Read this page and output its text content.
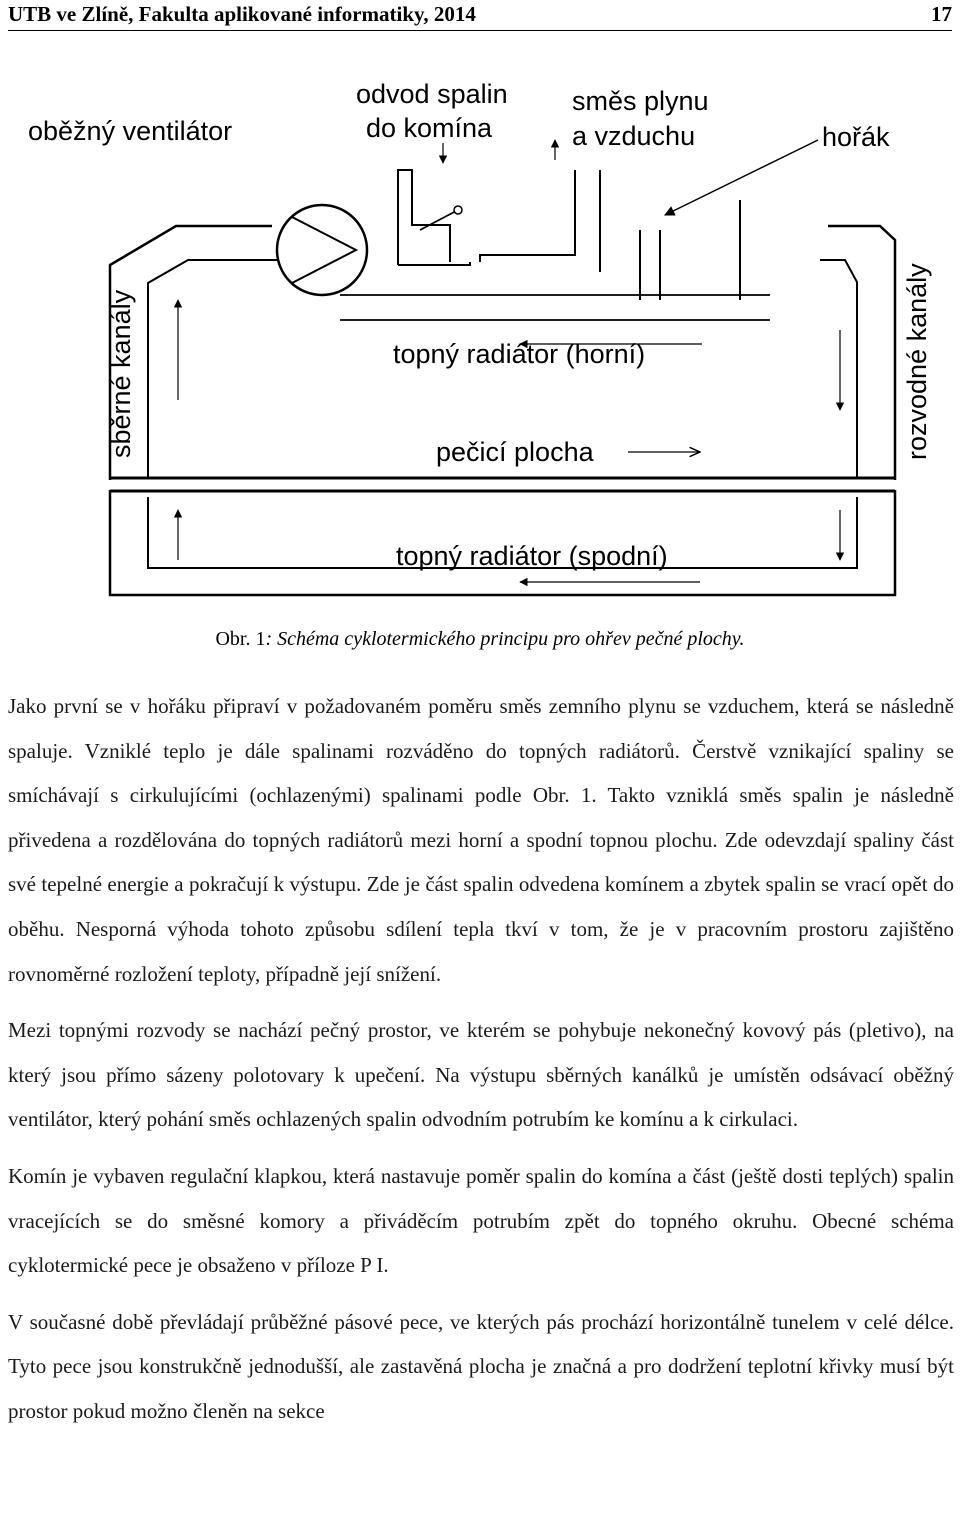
UTB ve Zlíně, Fakulta aplikované informatiky, 2014	17
oběžný ventilátor
odvod spalin
do komína
směs plynu
a vzduchu	hořák
sběrné kanály	rozvodné kanály
topný radiátor (horní)
pečicí plocha
topný radiátor (spodní)
Obr. 1: Schéma cyklotermického principu pro ohřev pečné plochy.

Jako první se v hořáku připraví v požadovaném poměru směs zemního plynu se vzduchem, která se následně spaluje. Vzniklé teplo je dále spalinami rozváděno do topných radiátorů. Čerstvě vznikající spaliny se smíchávají s cirkulujícími (ochlazenými) spalinami podle Obr. 1. Takto vzniklá směs spalin je následně přivedena a rozdělována do topných radiátorů mezi horní a spodní topnou plochu. Zde odevzdají spaliny část své tepelné energie a pokračují k výstupu. Zde je část spalin odvedena komínem a zbytek spalin se vrací opět do oběhu. Nesporná výhoda tohoto způsobu sdílení tepla tkví v tom, že je v pracovním prostoru zajištěno rovnoměrné rozložení teploty, případně její snížení.

Mezi topnými rozvody se nachází pečný prostor, ve kterém se pohybuje nekonečný kovový pás (pletivo), na který jsou přímo sázeny polotovary k upečení. Na výstupu sběrných kanálků je umístěn odsávací oběžný ventilátor, který pohání směs ochlazených spalin odvodním potrubím ke komínu a k cirkulaci.

Komín je vybaven regulační klapkou, která nastavuje poměr spalin do komína a část (ještě dosti teplých) spalin vracejících se do směsné komory a přiváděcím potrubím zpět do topného okruhu. Obecné schéma cyklotermické pece je obsaženo v příloze P I.

V současné době převládají průběžné pásové pece, ve kterých pás prochází horizontálně tunelem v celé délce. Tyto pece jsou konstrukčně jednodušší, ale zastavěná plocha je značná a pro dodržení teplotní křivky musí být prostor pokud možno členěn na sekce
